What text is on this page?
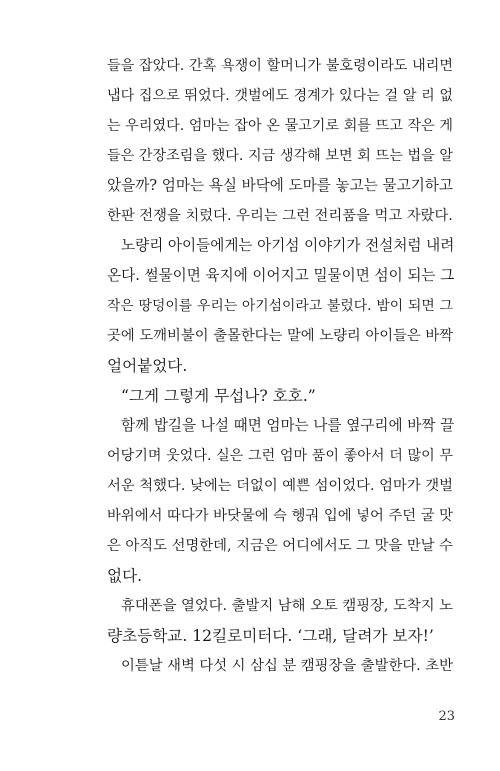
들을 잡았다. 간혹 욕쟁이 할머니가 불호령이라도 내리면
냅다 집으로 뛰었다. 갯벌에도 경계가 있다는 걸 알 리 없
는 우리였다. 엄마는 잡아 온 물고기로 회를 뜨고 작은 게
들은 간장조림을 했다. 지금 생각해 보면 회 뜨는 법을 알
았을까? 엄마는 욕실 바닥에 도마를 놓고는 물고기하고
한판 전쟁을 치렀다. 우리는 그런 전리품을 먹고 자랐다.
노량리 아이들에게는 아기섬 이야기가 전설처럼 내려
온다. 썰물이면 육지에 이어지고 밀물이면 섬이 되는 그
작은 땅덩이를 우리는 아기섬이라고 불렀다. 밤이 되면 그
곳에 도깨비불이 출몰한다는 말에 노량리 아이들은 바짝
얼어붙었다.
“그게 그렇게 무섭나? 호호.”
함께 밥길을 나설 때면 엄마는 나를 옆구리에 바짝 끌
어당기며 웃었다. 실은 그런 엄마 품이 좋아서 더 많이 무
서운 척했다. 낮에는 더없이 예쁜 섬이었다. 엄마가 갯벌
바위에서 따다가 바닷물에 슥 헹궈 입에 넣어 주던 굴 맛
은 아직도 선명한데, 지금은 어디에서도 그 맛을 만날 수
없다.
휴대폰을 열었다. 출발지 남해 오토 캠핑장, 도착지 노
량초등학교. 12킬로미터다. ‘그래, 달려가 보자!’
이튿날 새벽 다섯 시 삼십 분 캠핑장을 출발한다. 초반
23
